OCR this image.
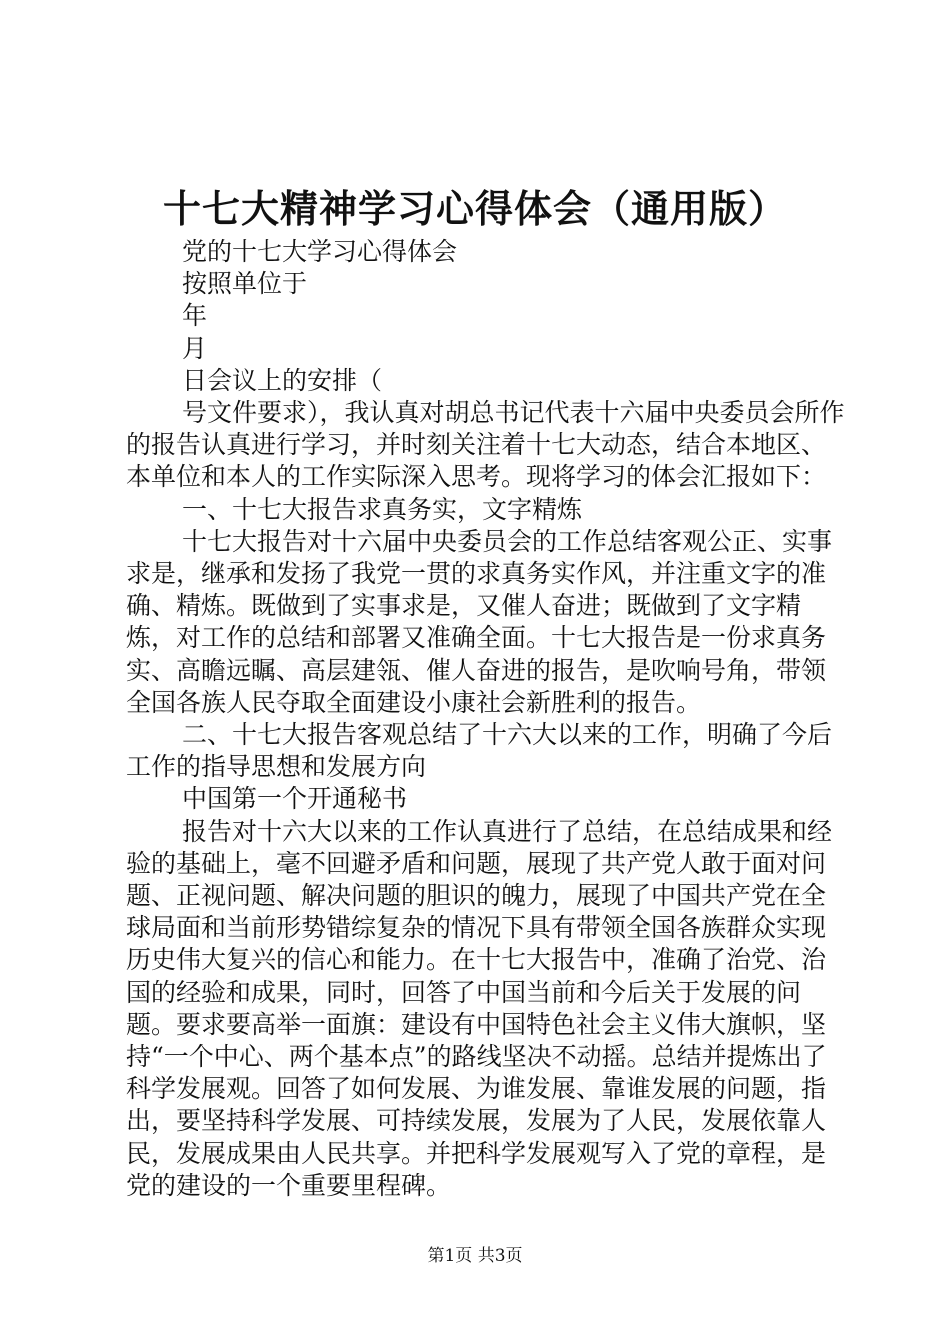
十七大精神学习心得体会（通用版）

党的十七大学习心得体会

按照单位于

年

月

日会议上的安排（

号文件要求），我认真对胡总书记代表十六届中央委员会所作的报告认真进行学习，并时刻关注着十七大动态，结合本地区、本单位和本人的工作实际深入思考。现将学习的体会汇报如下：

一、十七大报告求真务实，文字精炼

十七大报告对十六届中央委员会的工作总结客观公正、实事求是，继承和发扬了我党一贯的求真务实作风，并注重文字的准确、精炼。既做到了实事求是，又催人奋进；既做到了文字精炼，对工作的总结和部署又准确全面。十七大报告是一份求真务实、高瞻远瞩、高层建瓴、催人奋进的报告，是吹响号角，带领全国各族人民夺取全面建设小康社会新胜利的报告。

二、十七大报告客观总结了十六大以来的工作，明确了今后工作的指导思想和发展方向

中国第一个开通秘书

报告对十六大以来的工作认真进行了总结，在总结成果和经验的基础上，毫不回避矛盾和问题，展现了共产党人敢于面对问题、正视问题、解决问题的胆识的魄力，展现了中国共产党在全球局面和当前形势错综复杂的情况下具有带领全国各族群众实现历史伟大复兴的信心和能力。在十七大报告中，准确了治党、治国的经验和成果，同时，回答了中国当前和今后关于发展的问题。要求要高举一面旗：建设有中国特色社会主义伟大旗帜，坚持“一个中心、两个基本点”的路线坚决不动摇。总结并提炼出了科学发展观。回答了如何发展、为谁发展、靠谁发展的问题，指出，要坚持科学发展、可持续发展，发展为了人民，发展依靠人民，发展成果由人民共享。并把科学发展观写入了党的章程，是党的建设的一个重要里程碑。

第1页 共3页
